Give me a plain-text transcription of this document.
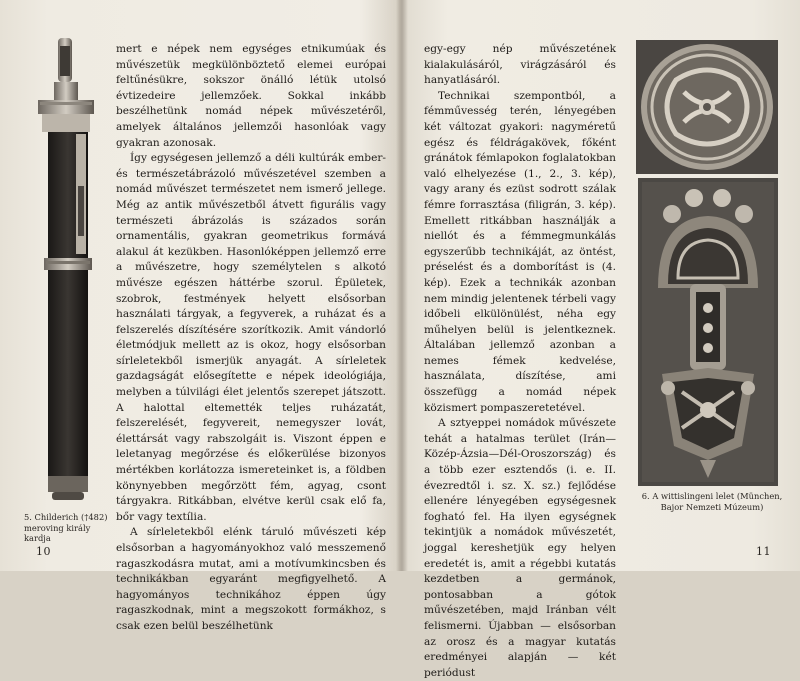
5. Childerich (†482) meroving király kardja
10

mert e népek nem egységes etnikumúak és művészetük megkülönböztető elemei európai feltűnésükre, sokszor önálló létük utolsó évtizedeire jellemzőek. Sokkal inkább beszélhetünk nomád népek művészetéről, amelyek általános jellemzői hasonlóak vagy gyakran azonosak.

Így egységesen jellemző a déli kultúrák ember- és természetábrázoló művészetével szemben a nomád művészet természetet nem ismerő jellege. Még az antik művészetből átvett figurális vagy természeti ábrázolás is százados során ornamentális, gyakran geometrikus formává alakul át kezükben. Hasonlóképpen jellemző erre a művészetre, hogy személytelen s alkotó művésze egészen háttérbe szorul. Épületek, szobrok, festmények helyett elsősorban használati tárgyak, a fegyverek, a ruházat és a felszerelés díszítésére szorítkozik. Amit vándorló életmódjuk mellett az is okoz, hogy elsősorban sírleletekből ismerjük anyagát. A sírleletek gazdagságát elősegítette e népek ideológiája, melyben a túlvilági élet jelentős szerepet játszott. A halottal eltemették teljes ruházatát, felszerelését, fegyvereit, nemegyszer lovát, élettársát vagy rabszolgáit is. Viszont éppen e leletanyag megőrzése és előkerülése bizonyos mértékben korlátozza ismereteinket is, a földben könynyebben megőrzött fém, agyag, csont tárgyakra. Ritkábban, elvétve kerül csak elő fa, bőr vagy textília.

A sírleletekből elénk táruló művészeti kép elsősorban a hagyományokhoz való messzemenő ragaszkodásra mutat, ami a motívumkincsben és technikákban egyaránt megfigyelhető. A hagyományos technikához éppen úgy ragaszkodnak, mint a megszokott formákhoz, s csak ezen belül beszélhetünk

egy-egy nép művészetének kialakulásáról, virágzásáról és hanyatlásáról.

Technikai szempontból, a fémművesség terén, lényegében két változat gyakori: nagyméretű egész és féldrágakövek, főként gránátok fémlapokon foglalatokban való elhelyezése (1., 2., 3. kép), vagy arany és ezüst sodrott szálak fémre forrasztása (filigrán, 3. kép). Emellett ritkábban használják a niellót és a fémmegmunkálás egyszerűbb technikáját, az öntést, préselést és a domborítást is (4. kép). Ezek a technikák azonban nem mindig jelentenek térbeli vagy időbeli elkülönülést, néha egy műhelyen belül is jelentkeznek. Általában jellemző azonban a nemes fémek kedvelése, használata, díszítése, ami összefügg a nomád népek közismert pompaszeretetével.

A sztyeppei nomádok művészete tehát a hatalmas terület (Irán—Közép-Ázsia—Dél-Oroszország) és a több ezer esztendős (i. e. II. évezredtől i. sz. X. sz.) fejlődése ellenére lényegében egységesnek fogható fel. Ha ilyen egységnek tekintjük a nomádok művészetét, joggal kereshetjük egy helyen eredetét is, amit a régebbi kutatás kezdetben a germánok, pontosabban a gótok művészetében, majd Iránban vélt felismerni. Újabban — elsősorban az orosz és a magyar kutatás eredményei alapján — két periódust

6. A wittislingeni lelet (München, Bajor Nemzeti Múzeum)
11
